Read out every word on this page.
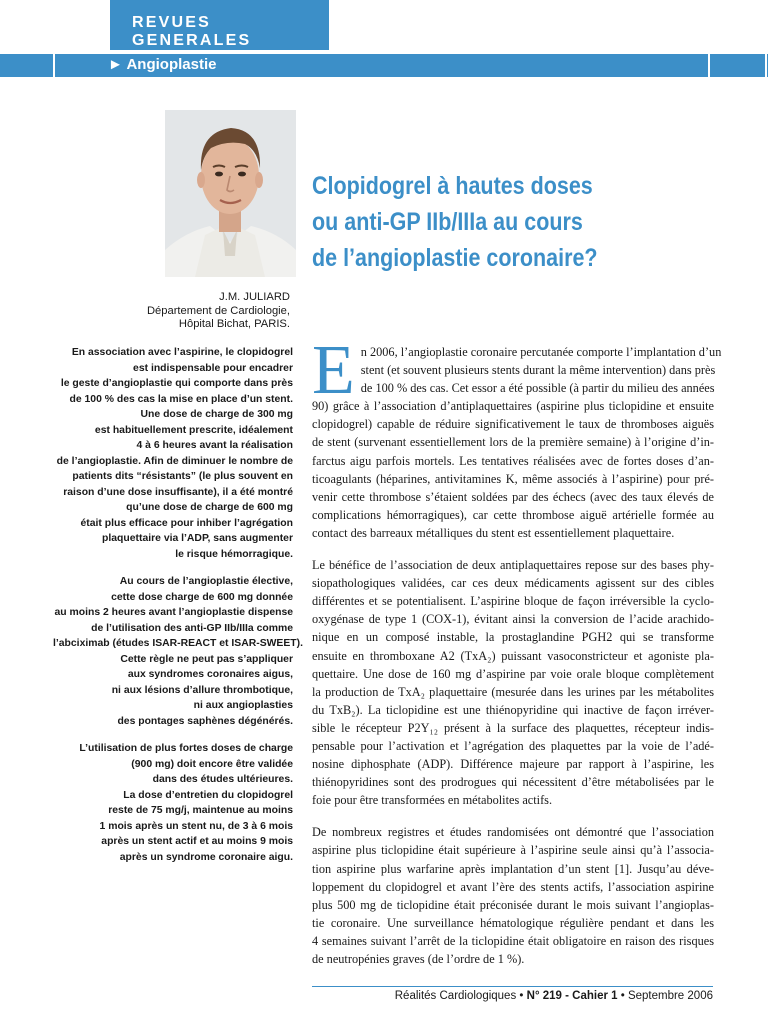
REVUES GENERALES
► Angioplastie
Clopidogrel à hautes doses
ou anti-GP IIb/IIIa au cours
de l’angioplastie coronaire?
J.M. JULIARD
Département de Cardiologie,
Hôpital Bichat, PARIS.
En association avec l’aspirine, le clopidogrel
est indispensable pour encadrer
le geste d’angioplastie qui comporte dans près
de 100 % des cas la mise en place d’un stent.
Une dose de charge de 300 mg
est habituellement prescrite, idéalement
4 à 6 heures avant la réalisation
de l’angioplastie. Afin de diminuer le nombre de
patients dits “résistants” (le plus souvent en
raison d’une dose insuffisante), il a été montré
qu’une dose de charge de 600 mg
était plus efficace pour inhiber l’agrégation
plaquettaire via l’ADP, sans augmenter
le risque hémorragique.
Au cours de l’angioplastie élective,
cette dose charge de 600 mg donnée
au moins 2 heures avant l’angioplastie dispense
de l’utilisation des anti-GP IIb/IIIa comme
l’abciximab (études ISAR-REACT et ISAR-SWEET).
Cette règle ne peut pas s’appliquer
aux syndromes coronaires aigus,
ni aux lésions d’allure thrombotique,
ni aux angioplasties
des pontages saphènes dégénérés.
L’utilisation de plus fortes doses de charge
(900 mg) doit encore être validée
dans des études ultérieures.
La dose d’entretien du clopidogrel
reste de 75 mg/j, maintenue au moins
1 mois après un stent nu, de 3 à 6 mois
après un stent actif et au moins 9 mois
après un syndrome coronaire aigu.

E n 2006, l’angioplastie coronaire percutanée comporte l’implantation d’un
stent (et souvent plusieurs stents durant la même intervention) dans près
de 100 % des cas. Cet essor a été possible (à partir du milieu des années
90) grâce à l’association d’antiplaquettaires (aspirine plus ticlopidine et ensuite
clopidogrel) capable de réduire significativement le taux de thromboses aiguës
de stent (survenant essentiellement lors de la première semaine) à l’origine d’in-
farctus aigu parfois mortels. Les tentatives réalisées avec de fortes doses d’an-
ticoagulants (héparines, antivitamines K, même associés à l’aspirine) pour pré-
venir cette thrombose s’étaient soldées par des échecs (avec des taux élevés de
complications hémorragiques), car cette thrombose aiguë artérielle formée au
contact des barreaux métalliques du stent est essentiellement plaquettaire.

Le bénéfice de l’association de deux antiplaquettaires repose sur des bases phy-
siopathologiques validées, car ces deux médicaments agissent sur des cibles
différentes et se potentialisent. L’aspirine bloque de façon irréversible la cyclo-
oxygénase de type 1 (COX-1), évitant ainsi la conversion de l’acide arachido-
nique en un composé instable, la prostaglandine PGH2 qui se transforme
ensuite en thromboxane A2 (TxA₂) puissant vasoconstricteur et agoniste pla-
quettaire. Une dose de 160 mg d’aspirine par voie orale bloque complètement
la production de TxA₂ plaquettaire (mesurée dans les urines par les métabolites
du TxB₂). La ticlopidine est une thiénopyridine qui inactive de façon irréver-
sible le récepteur P2Y₁₂ présent à la surface des plaquettes, récepteur indis-
pensable pour l’activation et l’agrégation des plaquettes par la voie de l’adé-
nosine diphosphate (ADP). Différence majeure par rapport à l’aspirine, les
thiénopyridines sont des prodrogues qui nécessitent d’être métabolisées par le
foie pour être transformées en métabolites actifs.

De nombreux registres et études randomisées ont démontré que l’association
aspirine plus ticlopidine était supérieure à l’aspirine seule ainsi qu’à l’associa-
tion aspirine plus warfarine après implantation d’un stent [1]. Jusqu’au déve-
loppement du clopidogrel et avant l’ère des stents actifs, l’association aspirine
plus 500 mg de ticlopidine était préconisée durant le mois suivant l’angioplas-
tie coronaire. Une surveillance hématologique régulière pendant et dans les
4 semaines suivant l’arrêt de la ticlopidine était obligatoire en raison des risques
de neutropénies graves (de l’ordre de 1 %).

Réalités Cardiologiques • N° 219 - Cahier 1 • Septembre 2006
